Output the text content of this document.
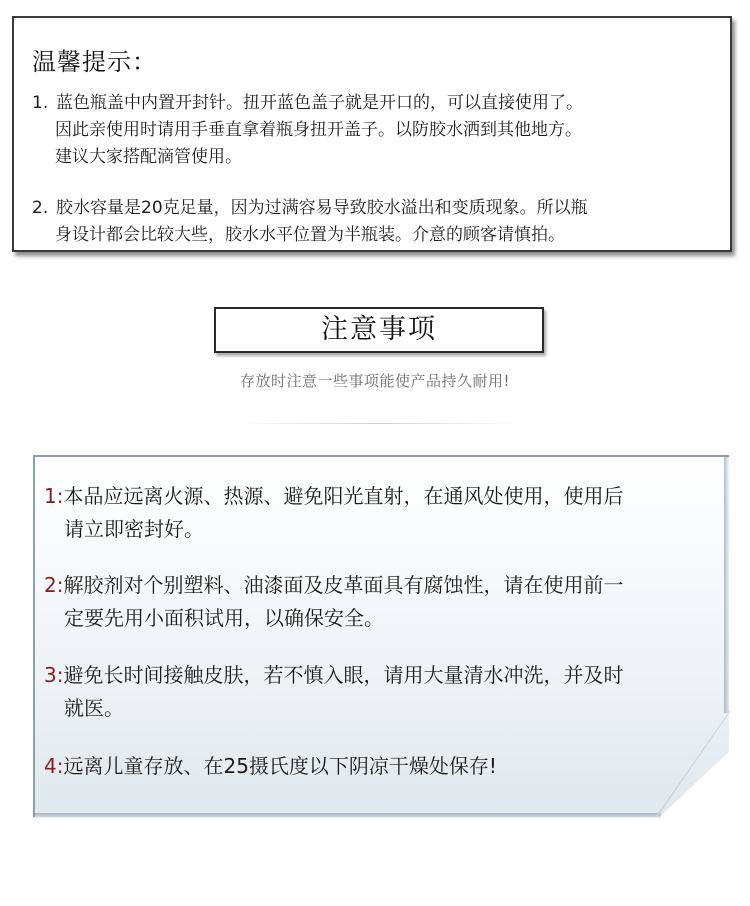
温馨提示：
1. 蓝色瓶盖中内置开封针。扭开蓝色盖子就是开口的，可以直接使用了。
因此亲使用时请用手垂直拿着瓶身扭开盖子。以防胶水洒到其他地方。
建议大家搭配滴管使用。
2. 胶水容量是20克足量，因为过满容易导致胶水溢出和变质现象。所以瓶
身设计都会比较大些，胶水水平位置为半瓶装。介意的顾客请慎拍。
注意事项
存放时注意一些事项能使产品持久耐用!
1:本品应远离火源、热源、避免阳光直射，在通风处使用，使用后
请立即密封好。
2:解胶剂对个别塑料、油漆面及皮革面具有腐蚀性，请在使用前一
定要先用小面积试用，以确保安全。
3:避免长时间接触皮肤，若不慎入眼，请用大量清水冲洗，并及时
就医。
4:远离儿童存放、在25摄氏度以下阴凉干燥处保存!
